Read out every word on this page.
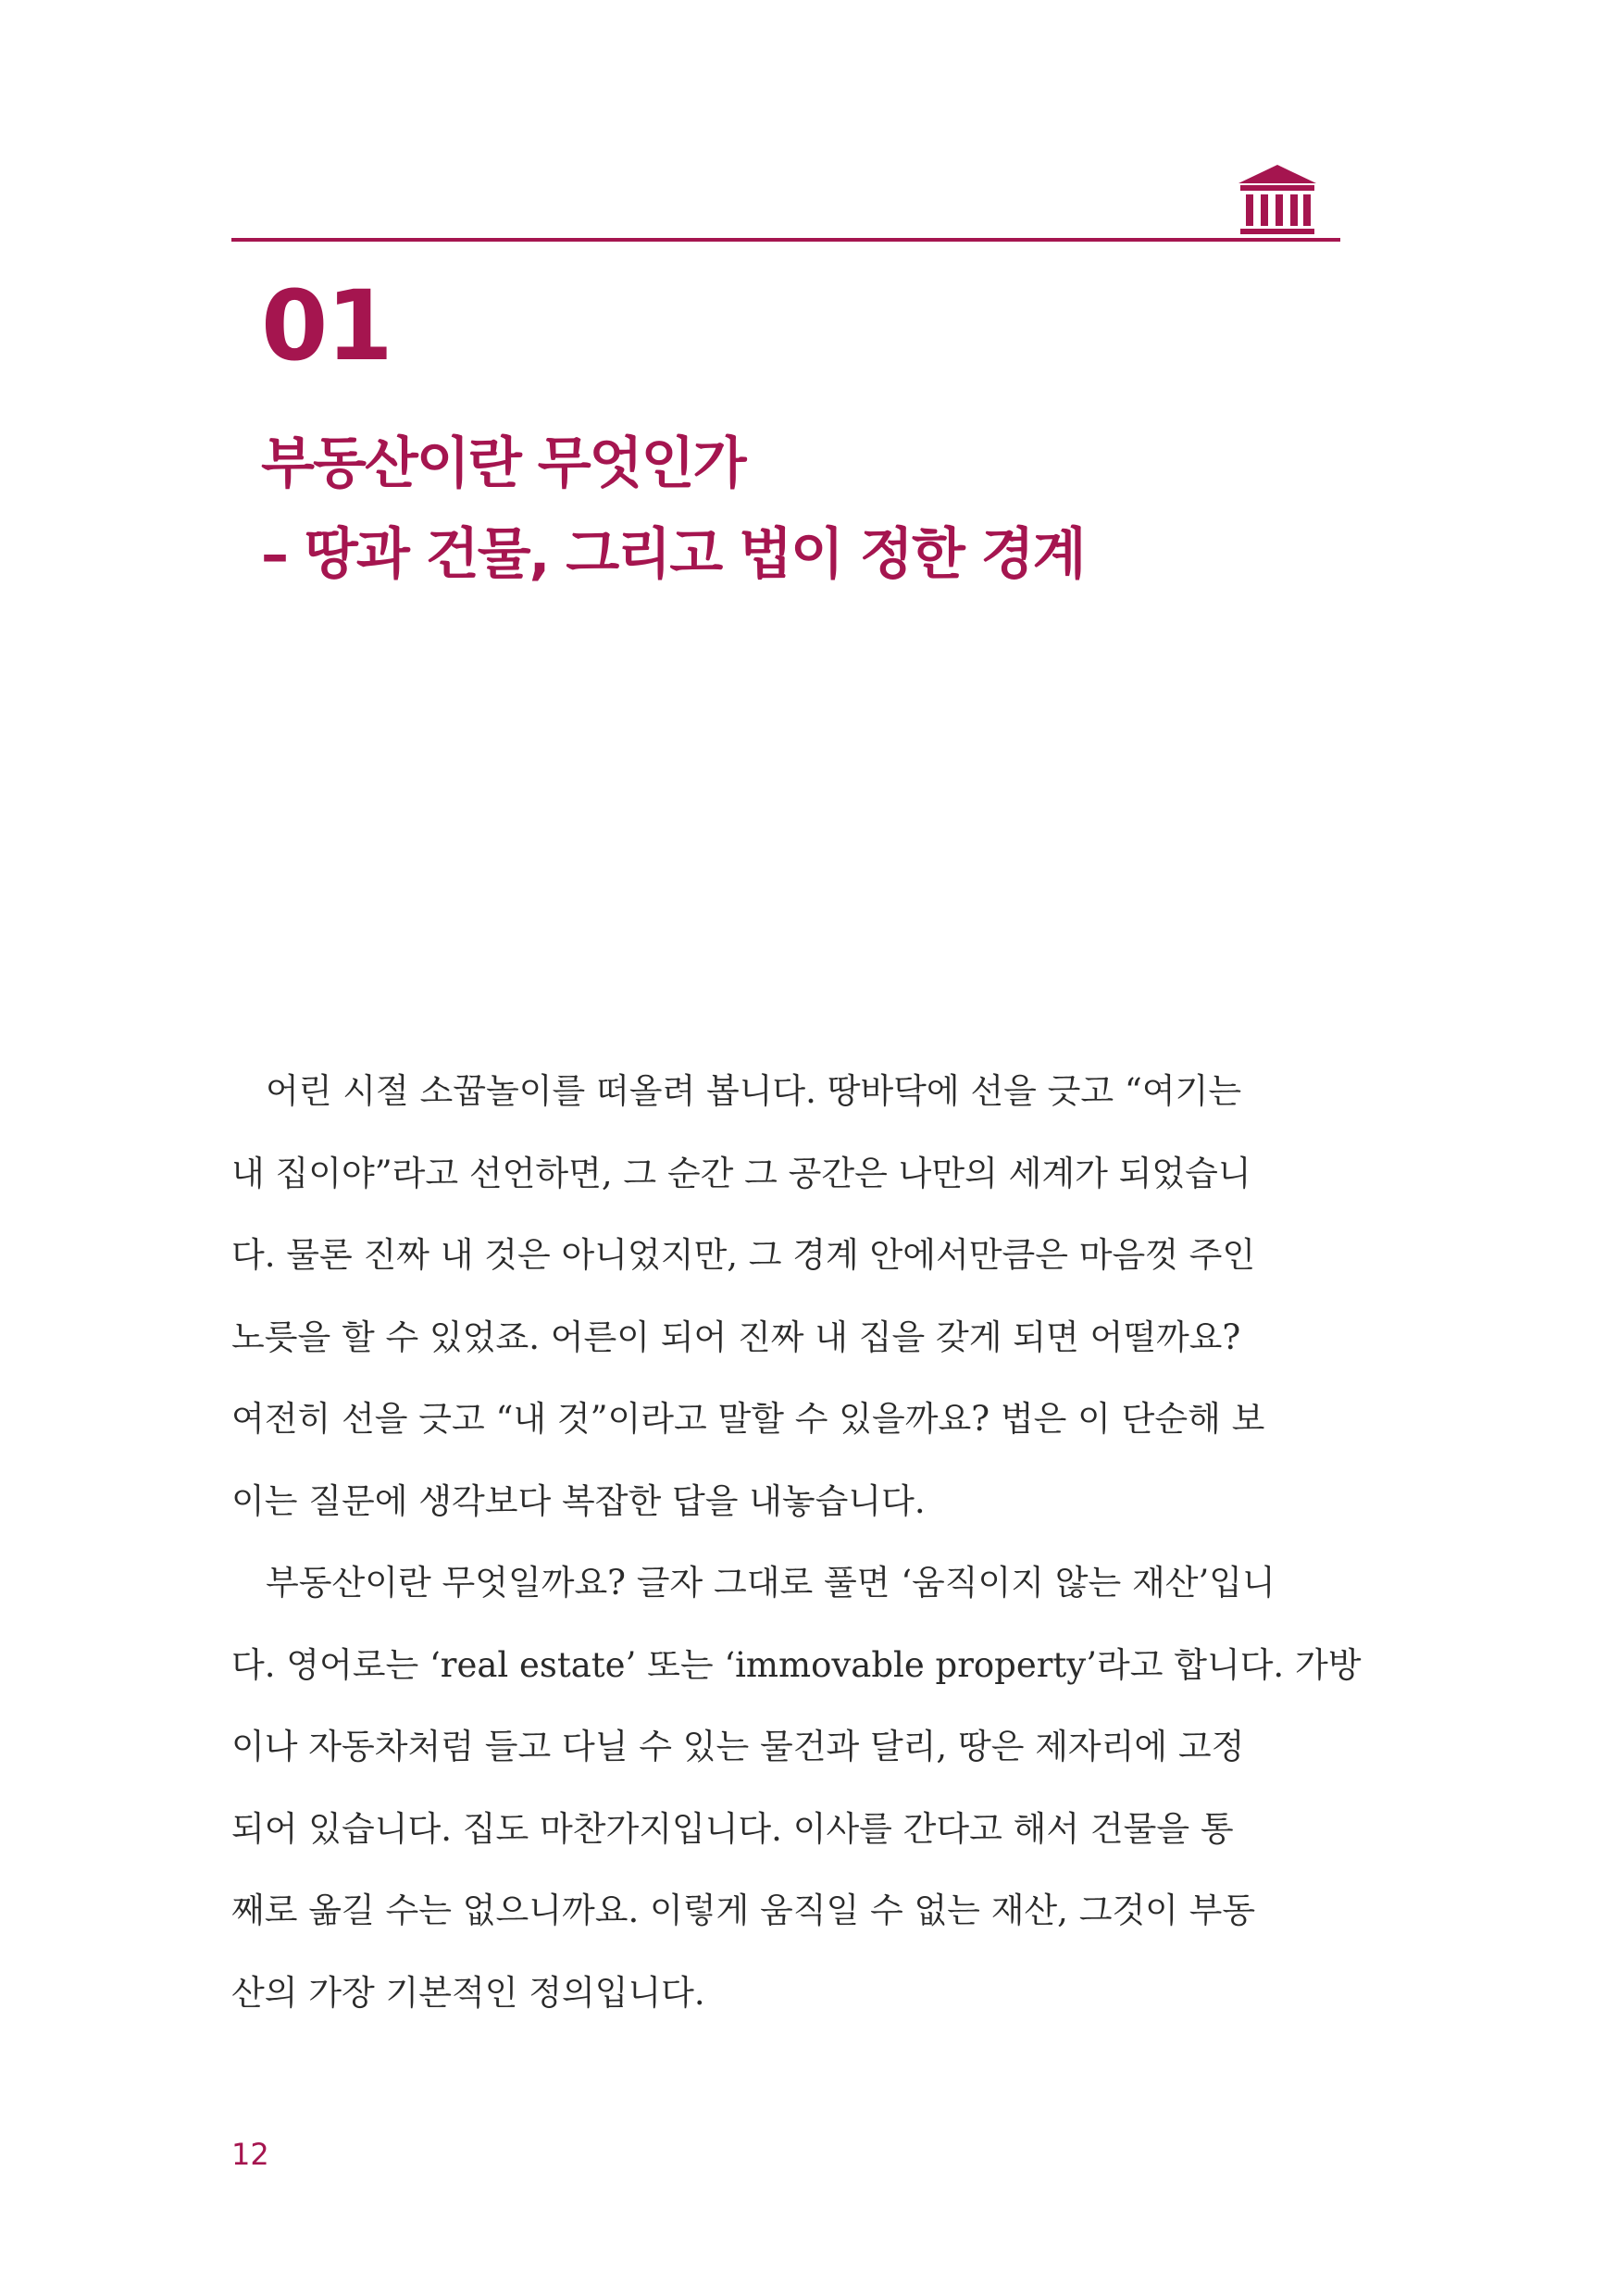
01
부동산이란 무엇인가
– 땅과 건물, 그리고 법이 정한 경계
어린 시절 소꿉놀이를 떠올려 봅니다. 땅바닥에 선을 긋고 “여기는
내 집이야”라고 선언하면, 그 순간 그 공간은 나만의 세계가 되었습니
다. 물론 진짜 내 것은 아니었지만, 그 경계 안에서만큼은 마음껏 주인
노릇을 할 수 있었죠. 어른이 되어 진짜 내 집을 갖게 되면 어떨까요?
여전히 선을 긋고 “내 것”이라고 말할 수 있을까요? 법은 이 단순해 보
이는 질문에 생각보다 복잡한 답을 내놓습니다.
부동산이란 무엇일까요? 글자 그대로 풀면 ‘움직이지 않는 재산’입니
다. 영어로는 ‘real estate’ 또는 ‘immovable property’라고 합니다. 가방
이나 자동차처럼 들고 다닐 수 있는 물건과 달리, 땅은 제자리에 고정
되어 있습니다. 집도 마찬가지입니다. 이사를 간다고 해서 건물을 통
째로 옮길 수는 없으니까요. 이렇게 움직일 수 없는 재산, 그것이 부동
산의 가장 기본적인 정의입니다.
12
